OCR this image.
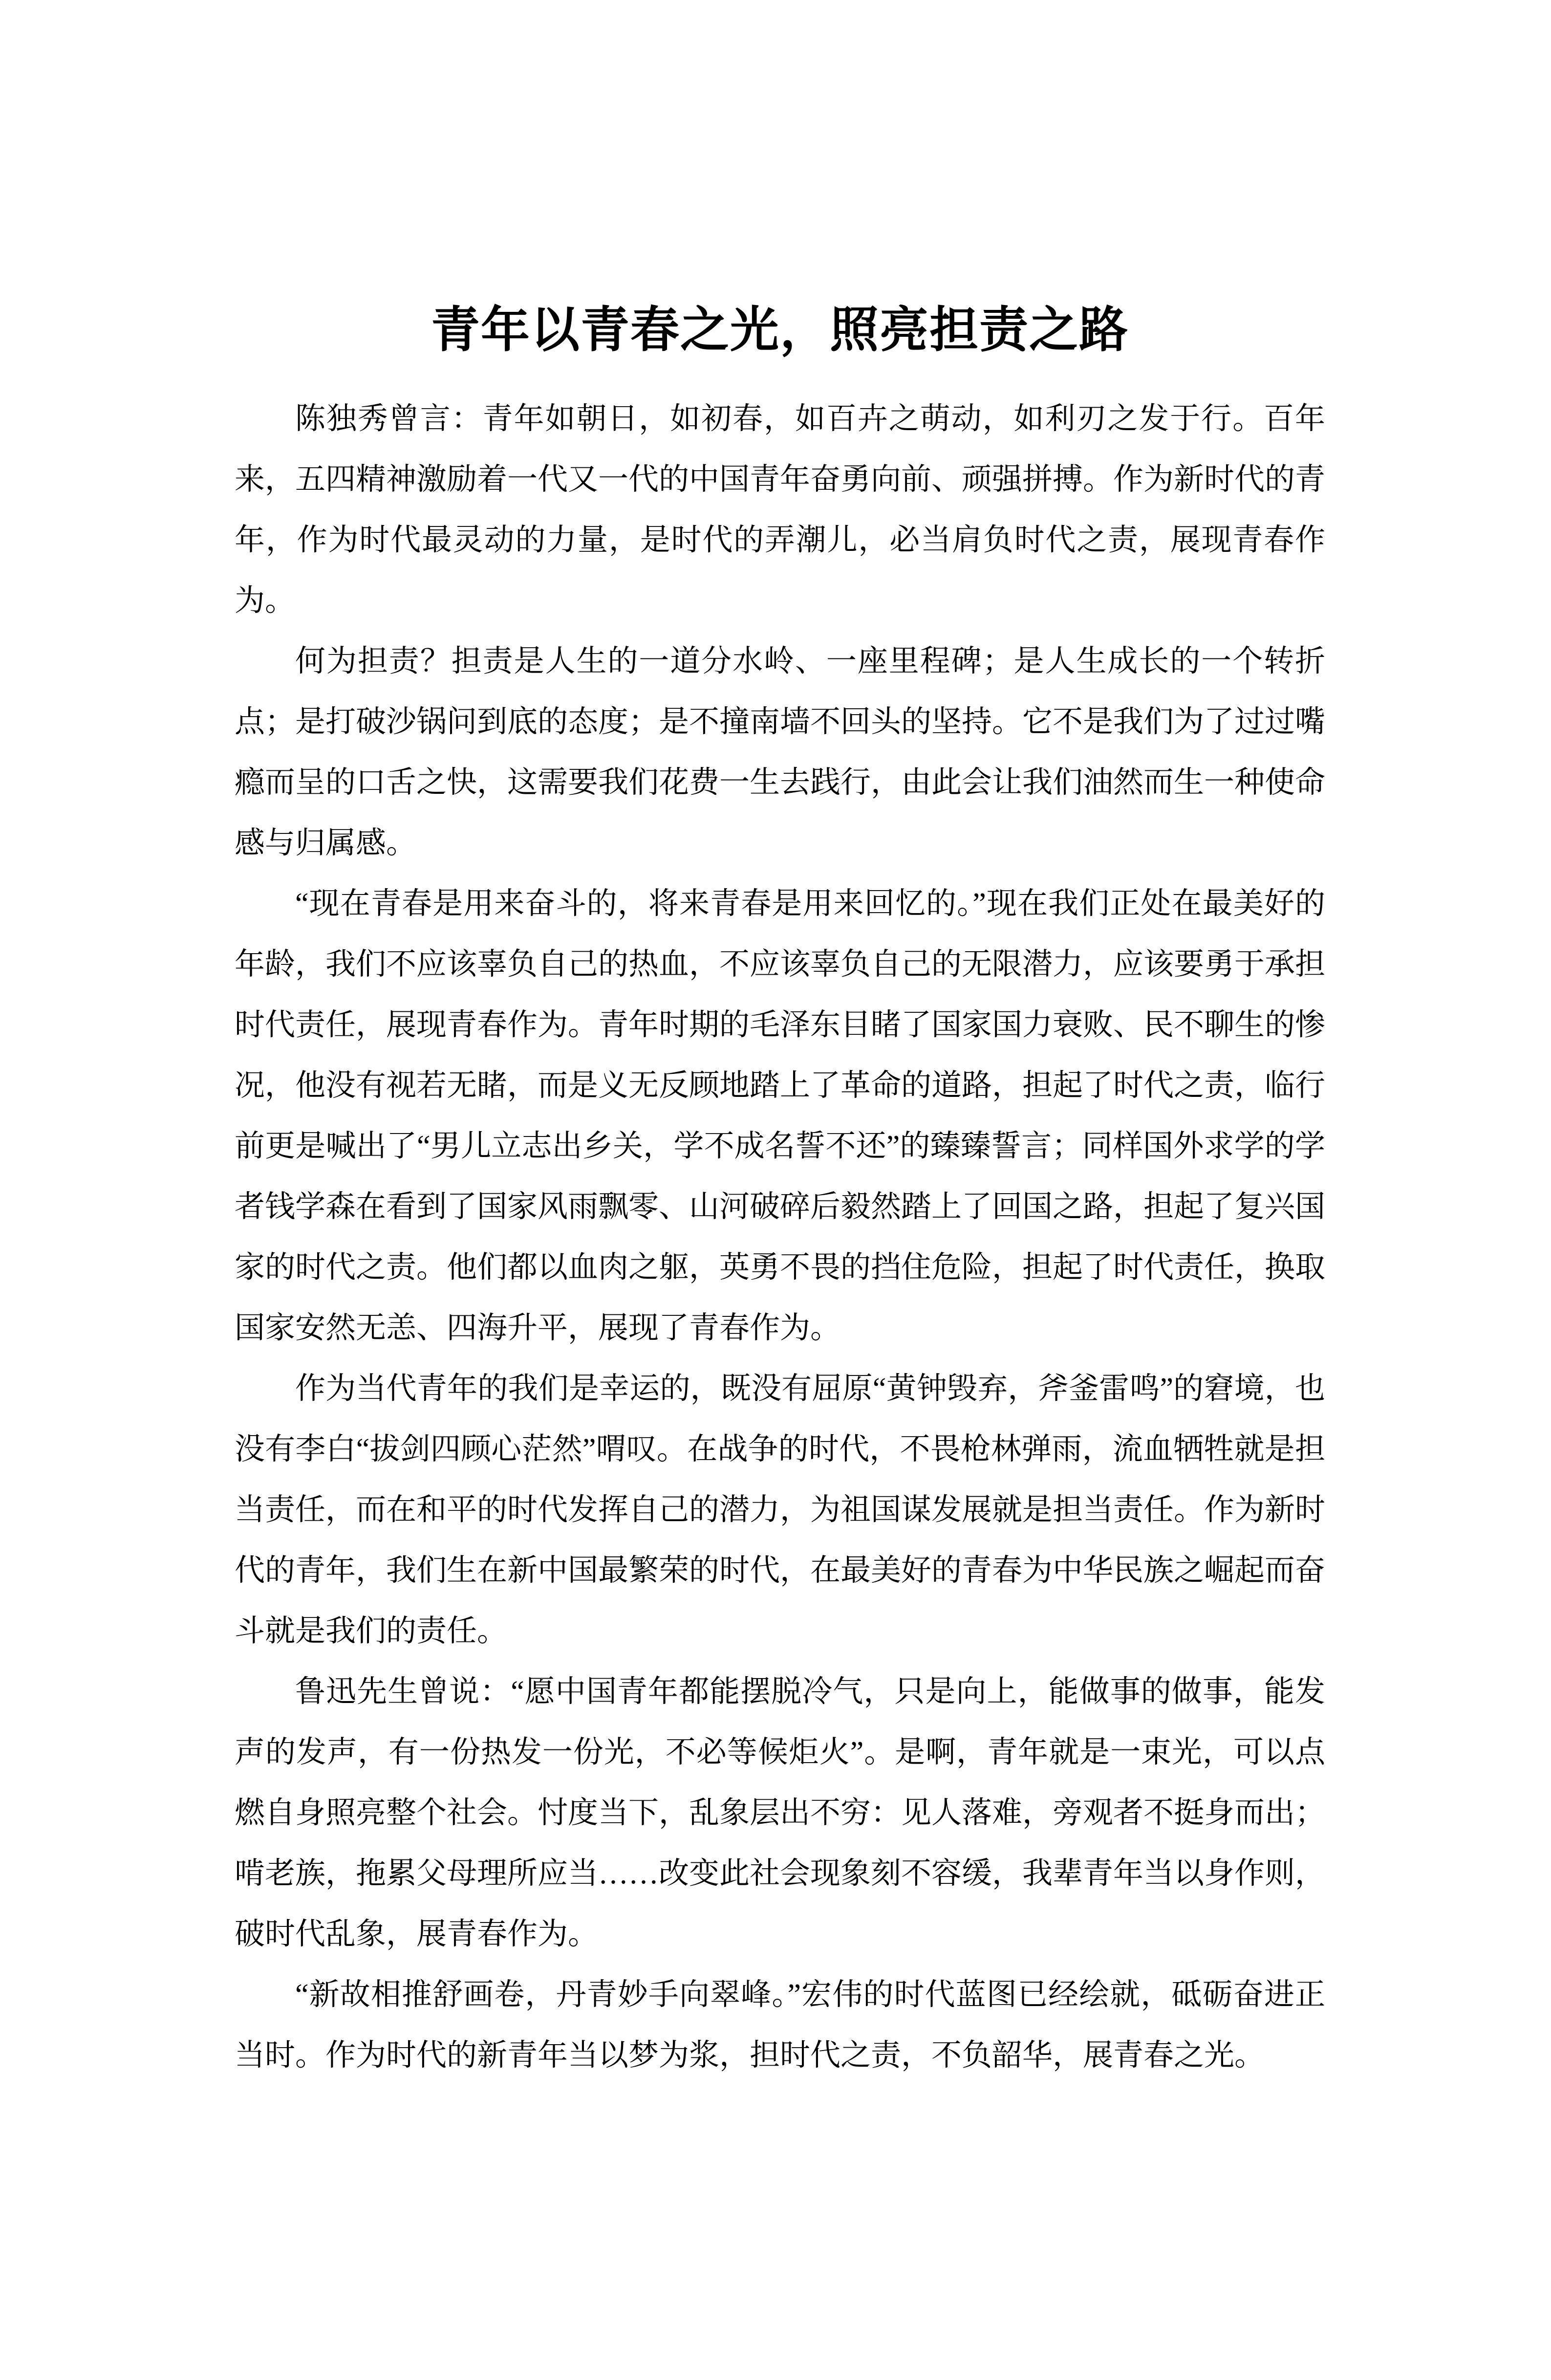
青年以青春之光，照亮担责之路

陈独秀曾言：青年如朝日，如初春，如百卉之萌动，如利刃之发于行。百年来，五四精神激励着一代又一代的中国青年奋勇向前、顽强拼搏。作为新时代的青年，作为时代最灵动的力量，是时代的弄潮儿，必当肩负时代之责，展现青春作为。

何为担责？担责是人生的一道分水岭、一座里程碑；是人生成长的一个转折点；是打破沙锅问到底的态度；是不撞南墙不回头的坚持。它不是我们为了过过嘴瘾而呈的口舌之快，这需要我们花费一生去践行，由此会让我们油然而生一种使命感与归属感。

“现在青春是用来奋斗的，将来青春是用来回忆的。”现在我们正处在最美好的年龄，我们不应该辜负自己的热血，不应该辜负自己的无限潜力，应该要勇于承担时代责任，展现青春作为。青年时期的毛泽东目睹了国家国力衰败、民不聊生的惨况，他没有视若无睹，而是义无反顾地踏上了革命的道路，担起了时代之责，临行前更是喊出了“男儿立志出乡关，学不成名誓不还”的臻臻誓言；同样国外求学的学者钱学森在看到了国家风雨飘零、山河破碎后毅然踏上了回国之路，担起了复兴国家的时代之责。他们都以血肉之躯，英勇不畏的挡住危险，担起了时代责任，换取国家安然无恙、四海升平，展现了青春作为。

作为当代青年的我们是幸运的，既没有屈原“黄钟毁弃，斧釜雷鸣”的窘境，也没有李白“拔剑四顾心茫然”喟叹。在战争的时代，不畏枪林弹雨，流血牺牲就是担当责任，而在和平的时代发挥自己的潜力，为祖国谋发展就是担当责任。作为新时代的青年，我们生在新中国最繁荣的时代，在最美好的青春为中华民族之崛起而奋斗就是我们的责任。

鲁迅先生曾说：“愿中国青年都能摆脱冷气，只是向上，能做事的做事，能发声的发声，有一份热发一份光，不必等候炬火”。是啊，青年就是一束光，可以点燃自身照亮整个社会。忖度当下，乱象层出不穷：见人落难，旁观者不挺身而出；啃老族，拖累父母理所应当……改变此社会现象刻不容缓，我辈青年当以身作则，破时代乱象，展青春作为。

“新故相推舒画卷，丹青妙手向翠峰。”宏伟的时代蓝图已经绘就，砥砺奋进正当时。作为时代的新青年当以梦为浆，担时代之责，不负韶华，展青春之光。
